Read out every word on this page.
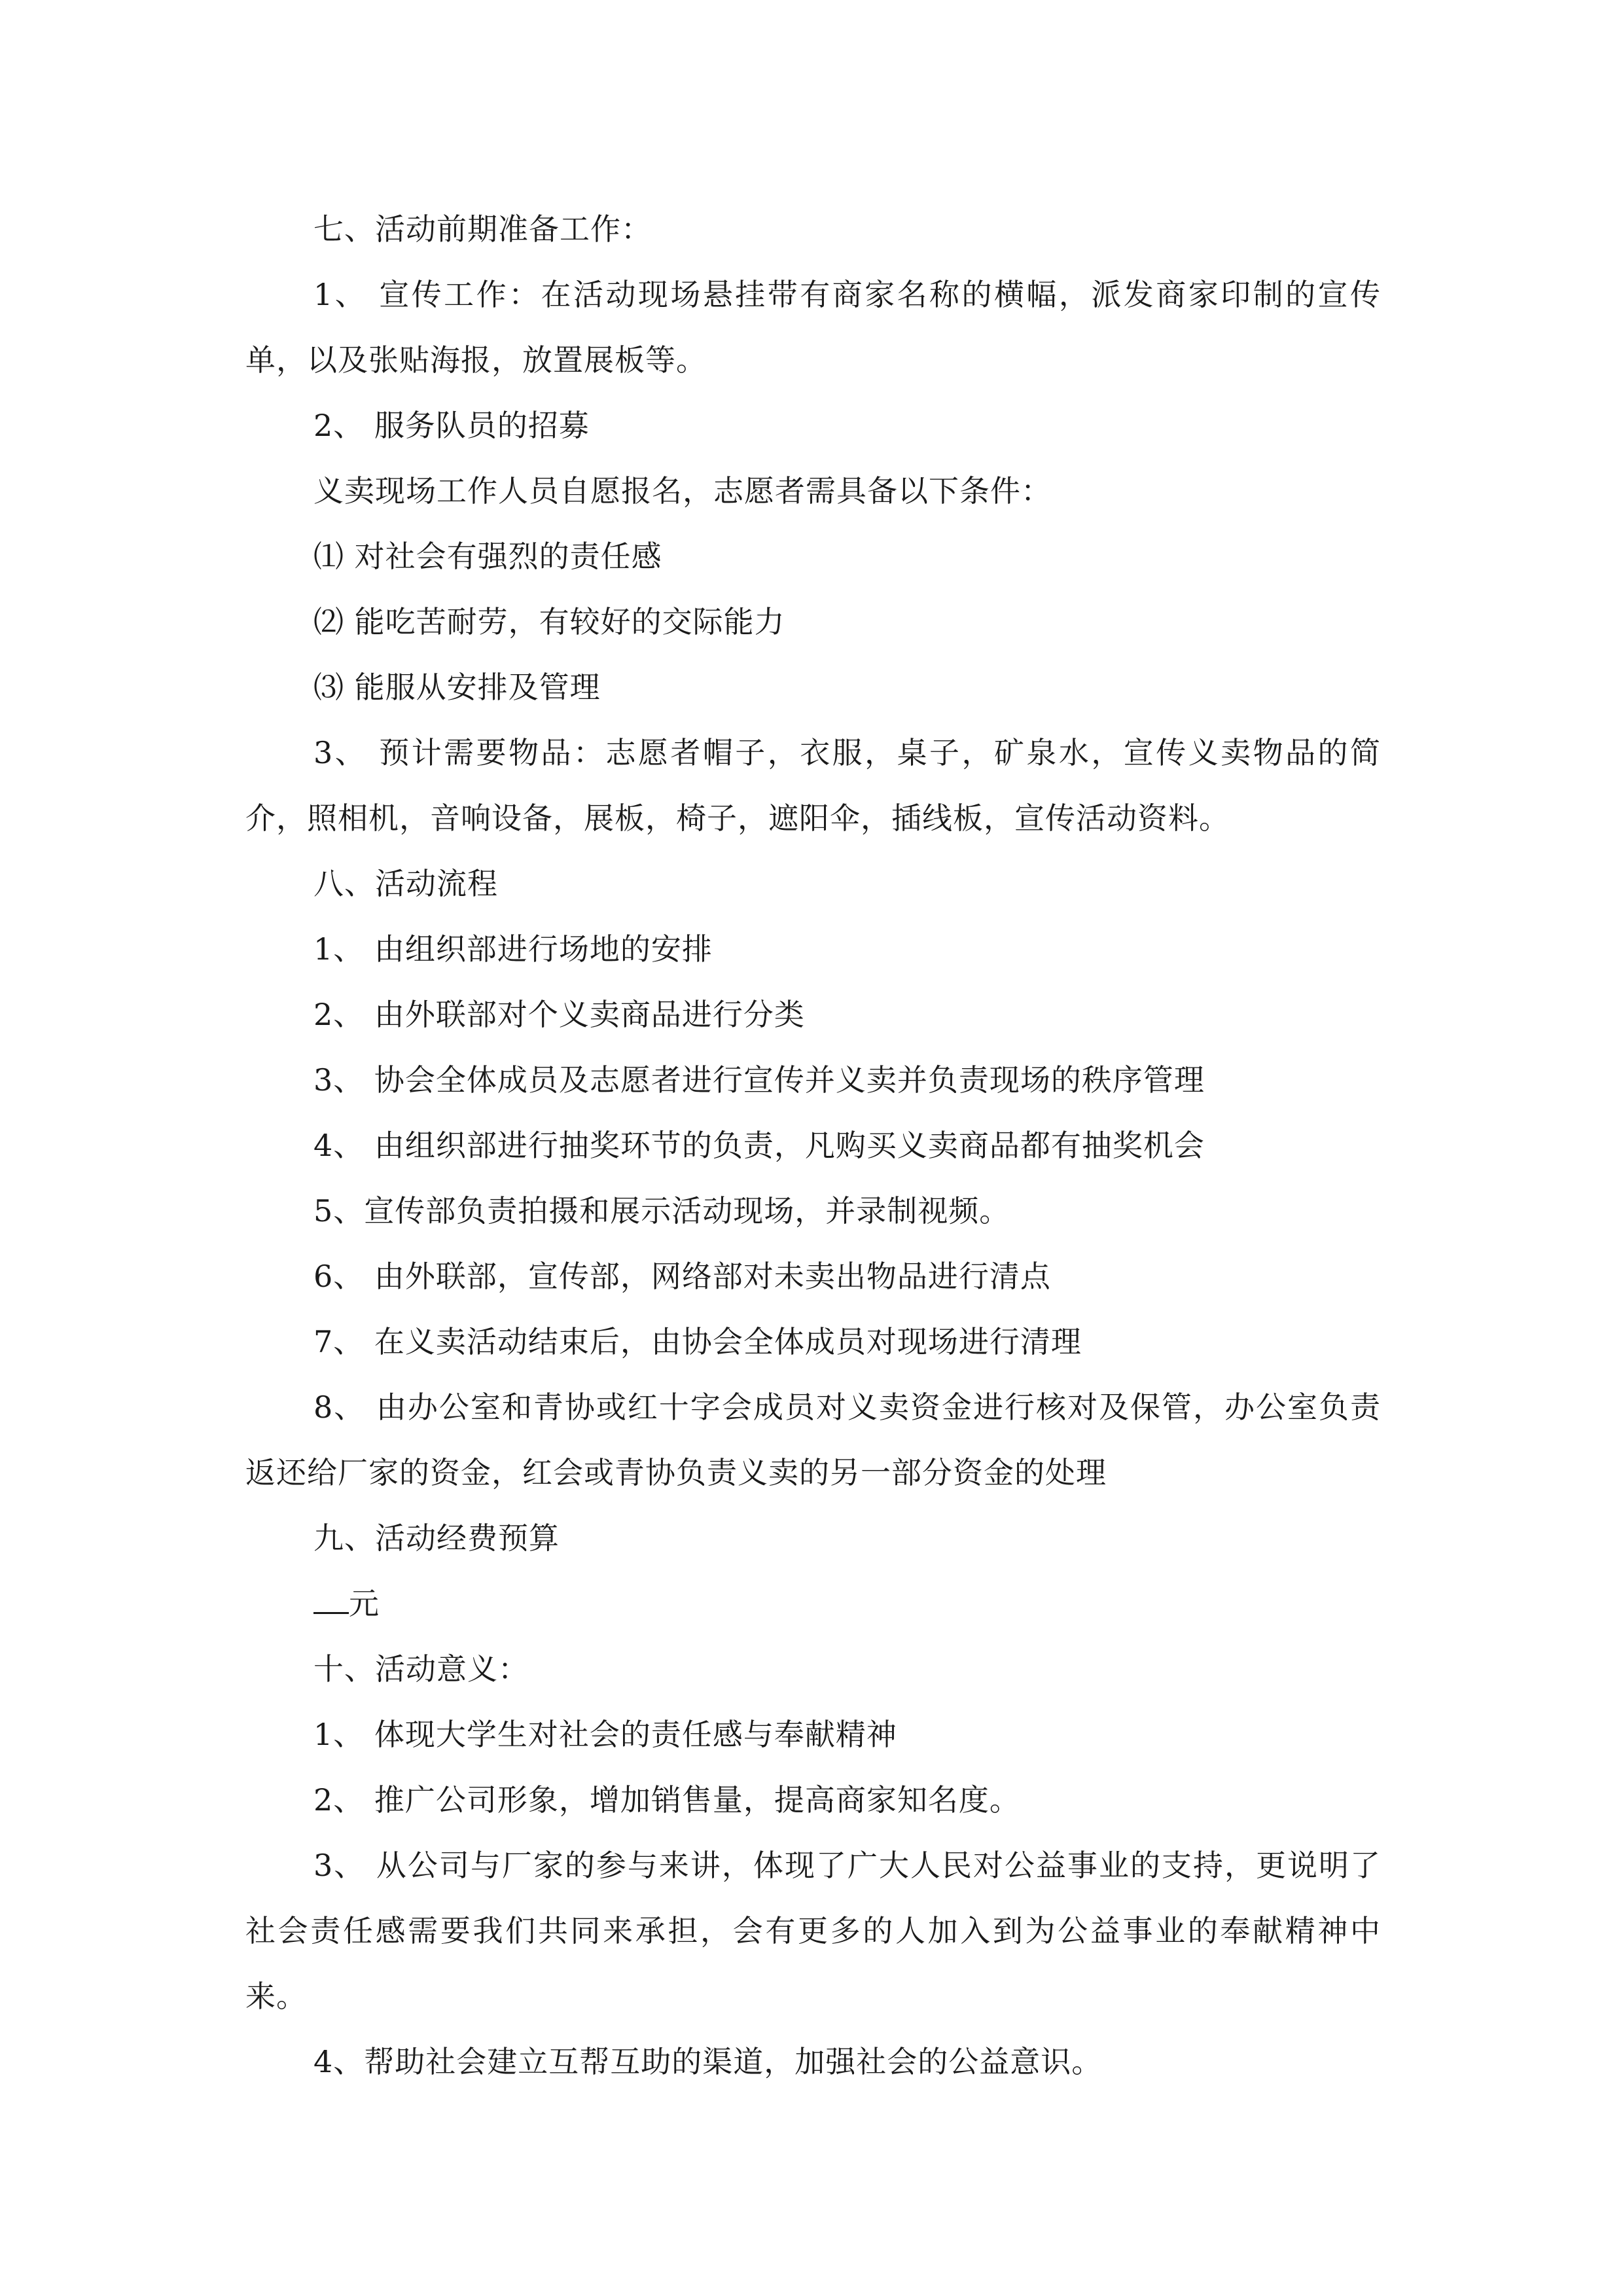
七、活动前期准备工作：
1、 宣传工作：在活动现场悬挂带有商家名称的横幅，派发商家印制的宣传单，以及张贴海报，放置展板等。
2、 服务队员的招募
义卖现场工作人员自愿报名，志愿者需具备以下条件：
⑴ 对社会有强烈的责任感
⑵ 能吃苦耐劳，有较好的交际能力
⑶ 能服从安排及管理
3、 预计需要物品：志愿者帽子，衣服，桌子，矿泉水，宣传义卖物品的简介，照相机，音响设备，展板，椅子，遮阳伞，插线板，宣传活动资料。
八、活动流程
1、 由组织部进行场地的安排
2、 由外联部对个义卖商品进行分类
3、 协会全体成员及志愿者进行宣传并义卖并负责现场的秩序管理
4、 由组织部进行抽奖环节的负责，凡购买义卖商品都有抽奖机会
5、宣传部负责拍摄和展示活动现场，并录制视频。
6、 由外联部，宣传部，网络部对未卖出物品进行清点
7、 在义卖活动结束后，由协会全体成员对现场进行清理
8、 由办公室和青协或红十字会成员对义卖资金进行核对及保管，办公室负责返还给厂家的资金，红会或青协负责义卖的另一部分资金的处理
九、活动经费预算
元
十、活动意义：
1、 体现大学生对社会的责任感与奉献精神
2、 推广公司形象，增加销售量，提高商家知名度。
3、 从公司与厂家的参与来讲，体现了广大人民对公益事业的支持，更说明了社会责任感需要我们共同来承担，会有更多的人加入到为公益事业的奉献精神中来。
4、帮助社会建立互帮互助的渠道，加强社会的公益意识。
